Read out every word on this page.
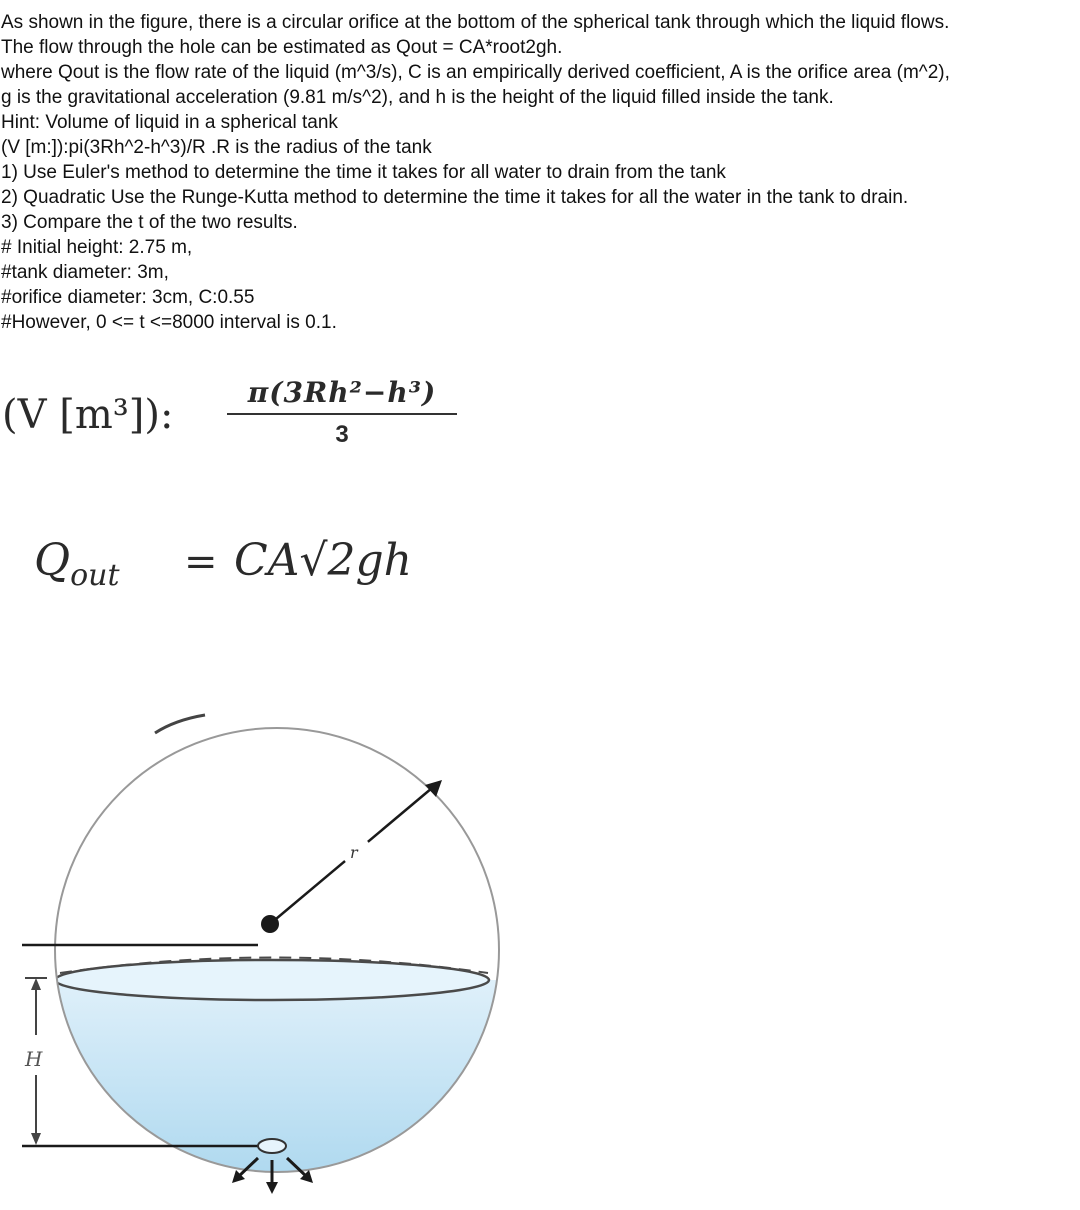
As shown in the figure, there is a circular orifice at the bottom of the spherical tank through which the liquid flows.
The flow through the hole can be estimated as Qout = CA*root2gh.
where Qout is the flow rate of the liquid (m^3/s), C is an empirically derived coefficient, A is the orifice area (m^2),
g is the gravitational acceleration (9.81 m/s^2), and h is the height of the liquid filled inside the tank.
Hint: Volume of liquid in a spherical tank
(V [m:]):pi(3Rh^2-h^3)/R .R is the radius of the tank
1) Use Euler's method to determine the time it takes for all water to drain from the tank
2) Quadratic Use the Runge-Kutta method to determine the time it takes for all the water in the tank to drain.
3) Compare the t of the two results.
# Initial height: 2.75 m,
#tank diameter: 3m,
#orifice diameter: 3cm, C:0.55
#However, 0 <= t <=8000 interval is 0.1.
(V [m³]):	π(3Rh²−h³)
3
$Q_{out} = CA√2gh$
r
H
